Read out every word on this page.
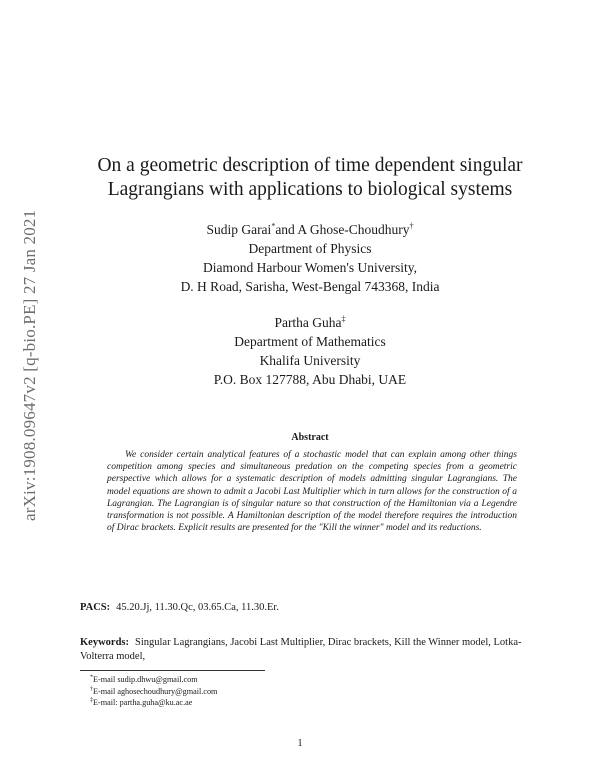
arXiv:1908.09647v2 [q-bio.PE] 27 Jan 2021
On a geometric description of time dependent singular
Lagrangians with applications to biological systems
Sudip Garai*and A Ghose-Choudhury†
Department of Physics
Diamond Harbour Women's University,
D. H Road, Sarisha, West-Bengal 743368, India
Partha Guha‡
Department of Mathematics
Khalifa University
P.O. Box 127788, Abu Dhabi, UAE
Abstract
We consider certain analytical features of a stochastic model that can explain among other things competition among species and simultaneous predation on the competing species from a geometric perspective which allows for a systematic description of models admitting singular Lagrangians. The model equations are shown to admit a Jacobi Last Multiplier which in turn allows for the construction of a Lagrangian. The Lagrangian is of singular nature so that construction of the Hamiltonian via a Legendre transformation is not possible. A Hamiltonian description of the model therefore requires the introduction of Dirac brackets. Explicit results are presented for the "Kill the winner" model and its reductions.
PACS: 45.20.Jj, 11.30.Qc, 03.65.Ca, 11.30.Er.
Keywords: Singular Lagrangians, Jacobi Last Multiplier, Dirac brackets, Kill the Winner model, Lotka-Volterra model,
*E-mail sudip.dhwu@gmail.com
†E-mail aghosechoudhury@gmail.com
‡E-mail: partha.guha@ku.ac.ae
1
